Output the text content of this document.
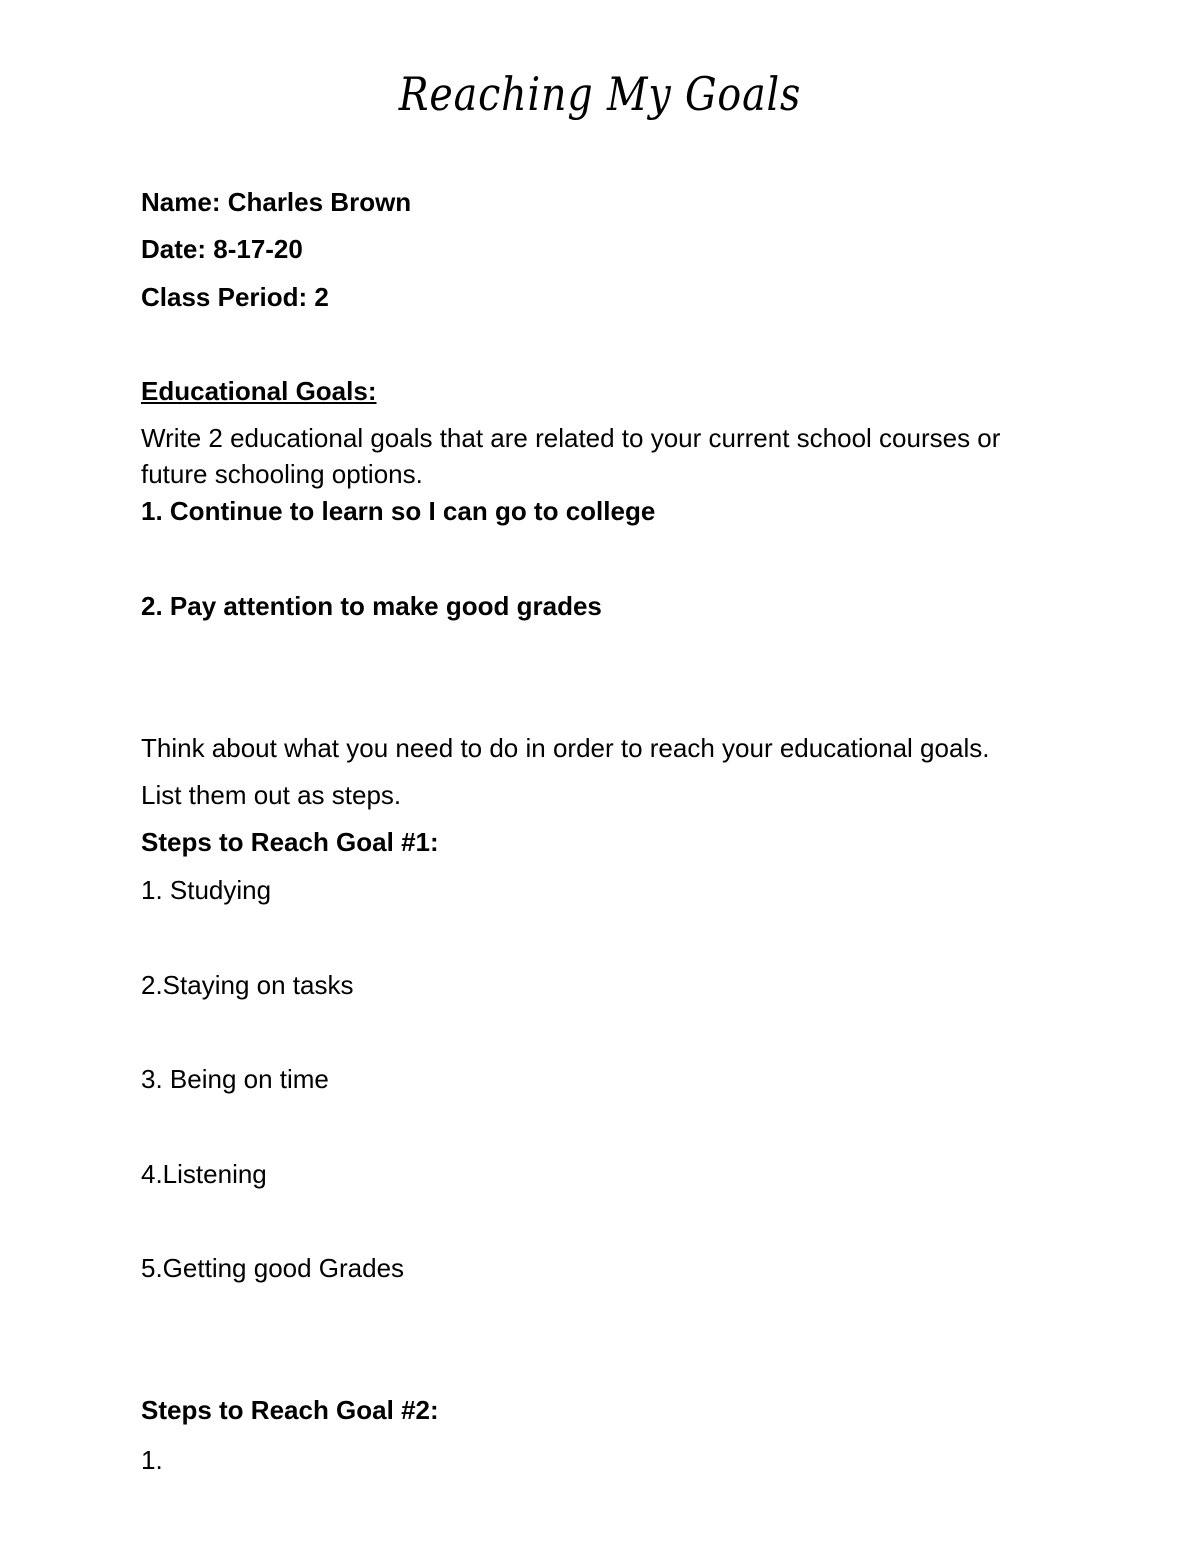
Reaching My Goals
Name: Charles Brown
Date: 8-17-20
Class Period: 2
Educational Goals:
Write 2 educational goals that are related to your current school courses or future schooling options.
1. Continue to learn so I can go to college
2. Pay attention to make good grades
Think about what you need to do in order to reach your educational goals.
List them out as steps.
Steps to Reach Goal #1:
1. Studying
2.Staying on tasks
3. Being on time
4.Listening
5.Getting good Grades
Steps to Reach Goal #2:
1.
